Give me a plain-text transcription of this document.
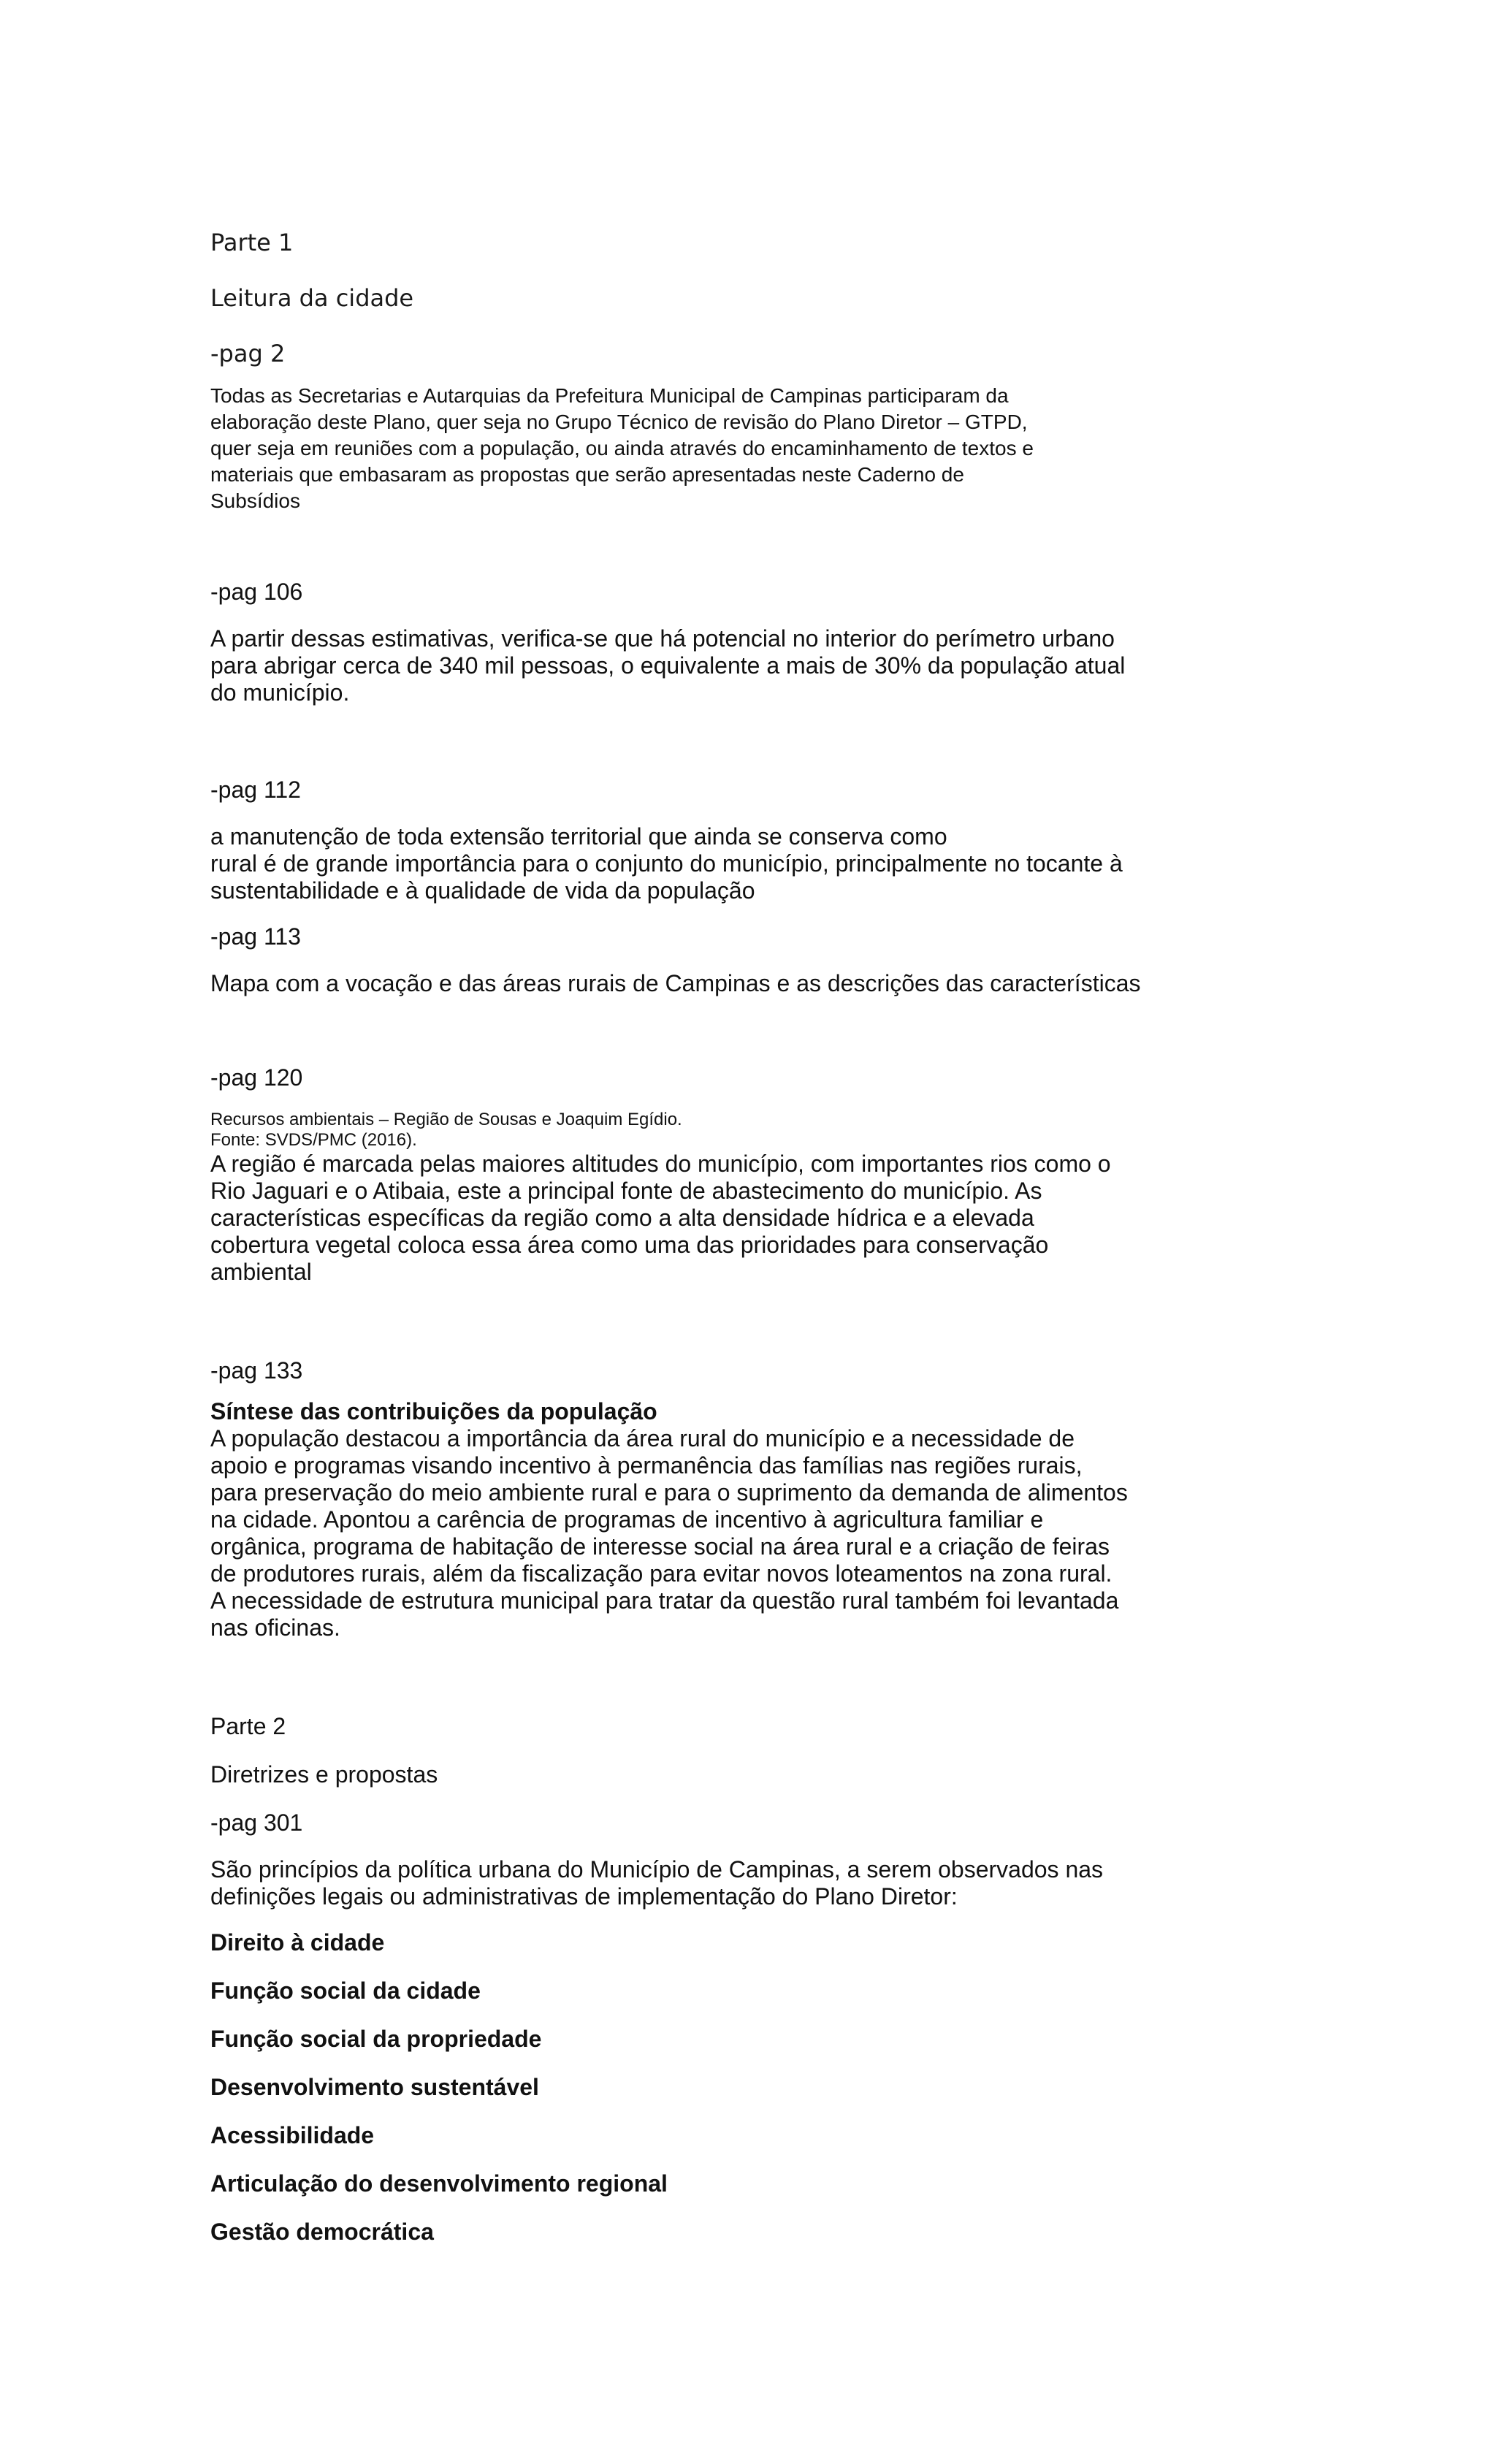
Parte 1

Leitura da cidade

-pag 2

Todas as Secretarias e Autarquias da Prefeitura Municipal de Campinas participaram da
elaboração deste Plano, quer seja no Grupo Técnico de revisão do Plano Diretor – GTPD,
quer seja em reuniões com a população, ou ainda através do encaminhamento de textos e
materiais que embasaram as propostas que serão apresentadas neste Caderno de
Subsídios

-pag 106

A partir dessas estimativas, verifica-se que há potencial no interior do perímetro urbano
para abrigar cerca de 340 mil pessoas, o equivalente a mais de 30% da população atual
do município.

-pag 112

a manutenção de toda extensão territorial que ainda se conserva como
rural é de grande importância para o conjunto do município, principalmente no tocante à
sustentabilidade e à qualidade de vida da população

-pag 113

Mapa com a vocação e das áreas rurais de Campinas e as descrições das características

-pag 120

Recursos ambientais – Região de Sousas e Joaquim Egídio.

Fonte: SVDS/PMC (2016).

A região é marcada pelas maiores altitudes do município, com importantes rios como o
Rio Jaguari e o Atibaia, este a principal fonte de abastecimento do município. As
características específicas da região como a alta densidade hídrica e a elevada
cobertura vegetal coloca essa área como uma das prioridades para conservação
ambiental

-pag 133

Síntese das contribuições da população

A população destacou a importância da área rural do município e a necessidade de
apoio e programas visando incentivo à permanência das famílias nas regiões rurais,
para preservação do meio ambiente rural e para o suprimento da demanda de alimentos
na cidade. Apontou a carência de programas de incentivo à agricultura familiar e
orgânica, programa de habitação de interesse social na área rural e a criação de feiras
de produtores rurais, além da fiscalização para evitar novos loteamentos na zona rural.
A necessidade de estrutura municipal para tratar da questão rural também foi levantada
nas oficinas.

Parte 2

Diretrizes e propostas

-pag 301

São princípios da política urbana do Município de Campinas, a serem observados nas
definições legais ou administrativas de implementação do Plano Diretor:

Direito à cidade

Função social da cidade

Função social da propriedade

Desenvolvimento sustentável

Acessibilidade

Articulação do desenvolvimento regional

Gestão democrática
